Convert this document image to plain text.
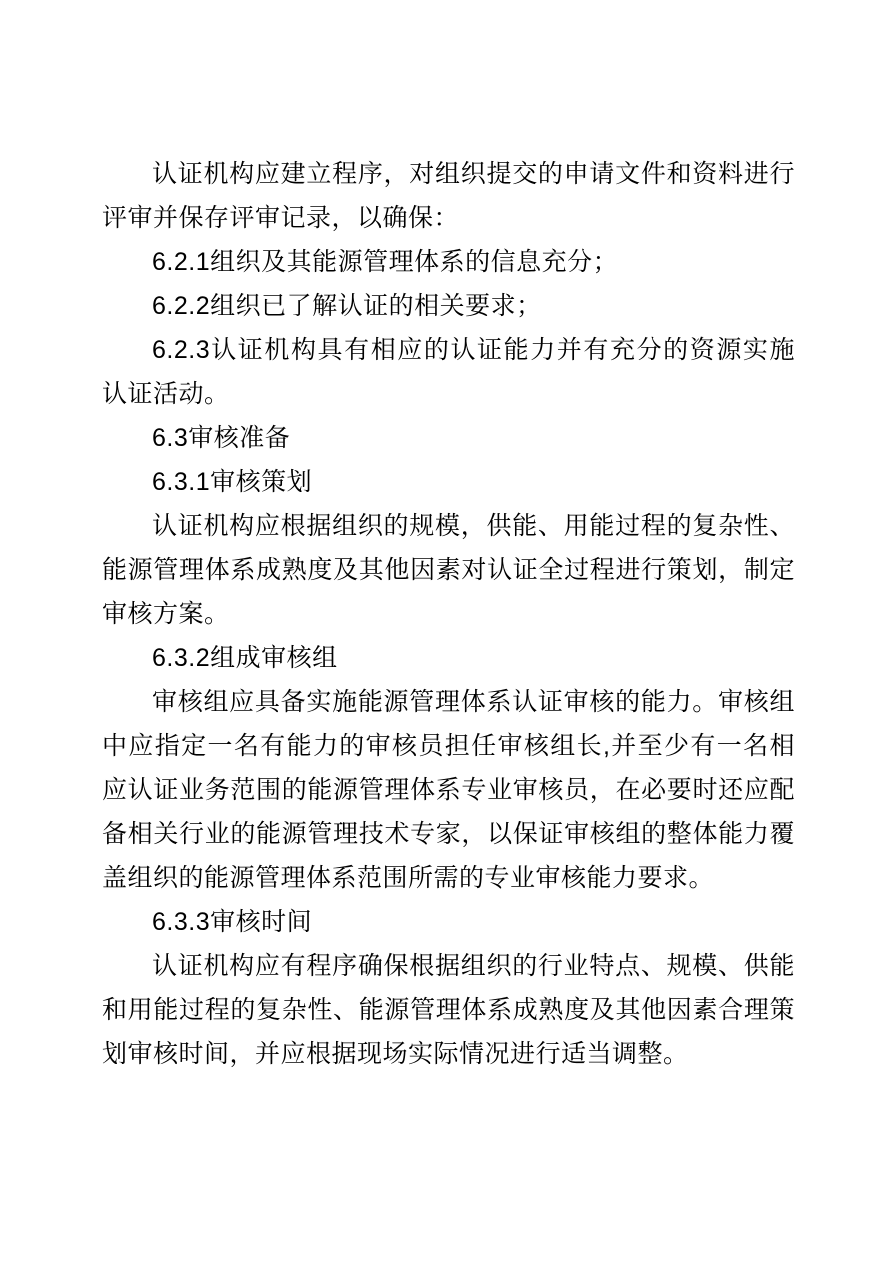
认证机构应建立程序，对组织提交的申请文件和资料进行评审并保存评审记录，以确保：

6.2.1组织及其能源管理体系的信息充分；

6.2.2组织已了解认证的相关要求；

6.2.3认证机构具有相应的认证能力并有充分的资源实施认证活动。

6.3审核准备

6.3.1审核策划

认证机构应根据组织的规模，供能、用能过程的复杂性、能源管理体系成熟度及其他因素对认证全过程进行策划，制定审核方案。

6.3.2组成审核组

审核组应具备实施能源管理体系认证审核的能力。审核组中应指定一名有能力的审核员担任审核组长,并至少有一名相应认证业务范围的能源管理体系专业审核员，在必要时还应配备相关行业的能源管理技术专家，以保证审核组的整体能力覆盖组织的能源管理体系范围所需的专业审核能力要求。

6.3.3审核时间

认证机构应有程序确保根据组织的行业特点、规模、供能和用能过程的复杂性、能源管理体系成熟度及其他因素合理策划审核时间，并应根据现场实际情况进行适当调整。
